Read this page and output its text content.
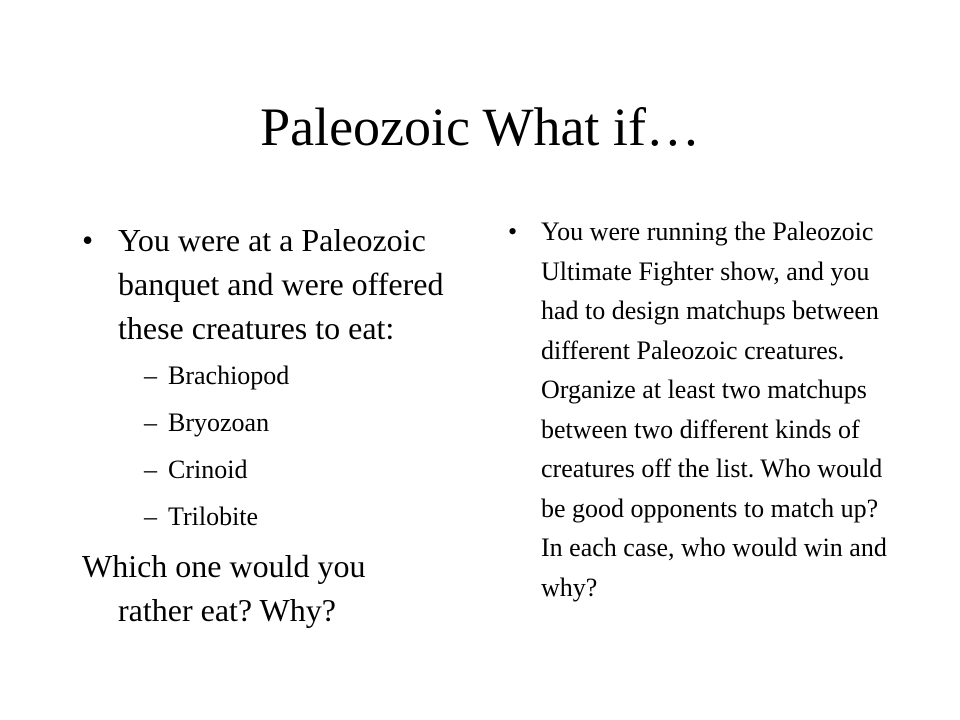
Paleozoic What if…
• You were at a Paleozoic banquet and were offered these creatures to eat:
– Brachiopod
– Bryozoan
– Crinoid
– Trilobite
Which one would you
rather eat? Why?
• You were running the Paleozoic Ultimate Fighter show, and you had to design matchups between different Paleozoic creatures. Organize at least two matchups between two different kinds of creatures off the list. Who would be good opponents to match up? In each case, who would win and why?
